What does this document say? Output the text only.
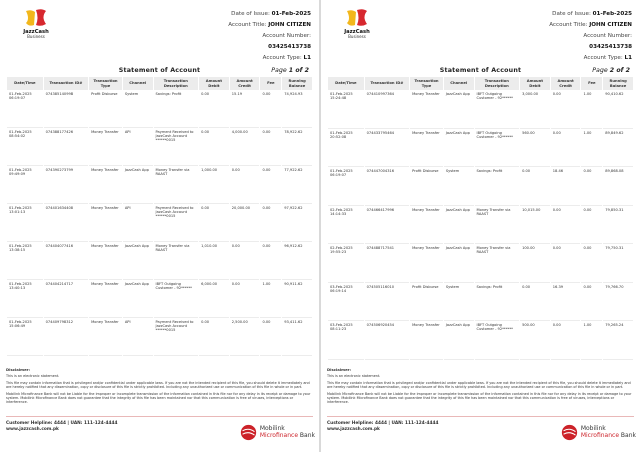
JazzCash
Business
Date of Issue: 01-Feb-2025
Account Title: JOHN CITIZEN
Account Number:
03425413738
Account Type: L1
Statement of Account	Page 1 of 2
Date/Time	Transaction ID#	Transaction Type	Channel	Transaction Description	Amount Debit	Amount Credit	Fee	Running Balance
01-Feb-2025 06:19:07	07438514099B	Profit Disburse	System	Savings: Profit	0.00	15.19	0.00	74,924.93
01-Feb-2025 08:54:02	074388177426	Money Transfer	API	Payment Received to JazzCash Account ******0015	0.00	4,000.00	0.00	78,922.62
01-Feb-2025 09:49:09	074390273799	Money Transfer	JazzCash App	Money Transfer via RAAST	1,000.00	0.00	0.00	77,922.62
01-Feb-2025 13:01:13	074401634408	Money Transfer	API	Payment Received to JazzCash Account ******0015	0.00	20,000.00	0.00	97,922.62
01-Feb-2025 13:38:15	074404077416	Money Transfer	JazzCash App	Money Transfer via RAAST	1,010.00	0.00	0.00	96,912.62
01-Feb-2025 13:40:13	074404214717	Money Transfer	JazzCash App	IBFT Outgoing Customer - 92******	6,000.00	0.00	1.00	90,911.62
01-Feb-2025 15:06:49	074409798312	Money Transfer	API	Payment Received to JazzCash Account ******0015	0.00	2,500.00	0.00	93,411.62
Disclaimer:

This is an electronic statement.

This file may contain information that is privileged and/or confidential under applicable laws. If you are not the intended recipient of this file, you should delete it immediately and are hereby notified that any dissemination, copy or disclosure of this file is strictly prohibited. Including any unauthorized use or communication of this file in whole or in part.

Mobilink Microfinance Bank will not be Liable for the improper or incomplete transmission of the information contained in this file nor for any delay in its receipt or damage to your system. Mobilink Microfinance Bank does not guarantee that the integrity of this file has been maintained nor that this communication is free of viruses, interceptions or interference.

Customer Helpline: 4444 | UAN: 111-124-4444
www.jazzcash.com.pk	Mobilink
Microfinance Bank
JazzCash
Business
Date of Issue: 01-Feb-2025
Account Title: JOHN CITIZEN
Account Number:
03425413738
Account Type: L1
Statement of Account	Page 2 of 2
Date/Time	Transaction ID#	Transaction Type	Channel	Transaction Description	Amount Debit	Amount Credit	Fee	Running Balance
01-Feb-2025 15:24:48	074410997364	Money Transfer	JazzCash App	IBFT Outgoing Customer - 92******	3,000.00	0.00	1.00	90,410.62
01-Feb-2025 20:52:08	074433795464	Money Transfer	JazzCash App	IBFT Outgoing Customer - 92******	560.00	0.00	1.00	89,849.62
01-Feb-2025 06:19:07	074447004316	Profit Disburse	System	Savings: Profit	0.00	18.46	0.00	89,868.08
02-Feb-2025 14:14:33	074466417996	Money Transfer	JazzCash App	Money Transfer via RAAST	10,015.00	0.00	0.00	79,850.31
02-Feb-2025 19:55:23	074488717541	Money Transfer	JazzCash App	Money Transfer via RAAST	100.00	0.00	0.00	79,750.31
03-Feb-2025 06:19:14	074505116010	Profit Disburse	System	Savings: Profit	0.00	16.39	0.00	79,766.70
03-Feb-2025 08:11:23	074506920454	Money Transfer	JazzCash App	IBFT Outgoing Customer - 92******	500.00	0.00	1.00	79,265.24
Disclaimer:

This is an electronic statement.

This file may contain information that is privileged and/or confidential under applicable laws. If you are not the intended recipient of this file, you should delete it immediately and are hereby notified that any dissemination, copy or disclosure of this file is strictly prohibited. Including any unauthorized use or communication of this file in whole or in part.

Mobilink Microfinance Bank will not be Liable for the improper or incomplete transmission of the information contained in this file nor for any delay in its receipt or damage to your system. Mobilink Microfinance Bank does not guarantee that the integrity of this file has been maintained nor that this communication is free of viruses, interceptions or interference.

Customer Helpline: 4444 | UAN: 111-124-4444
www.jazzcash.com.pk	Mobilink
Microfinance Bank
